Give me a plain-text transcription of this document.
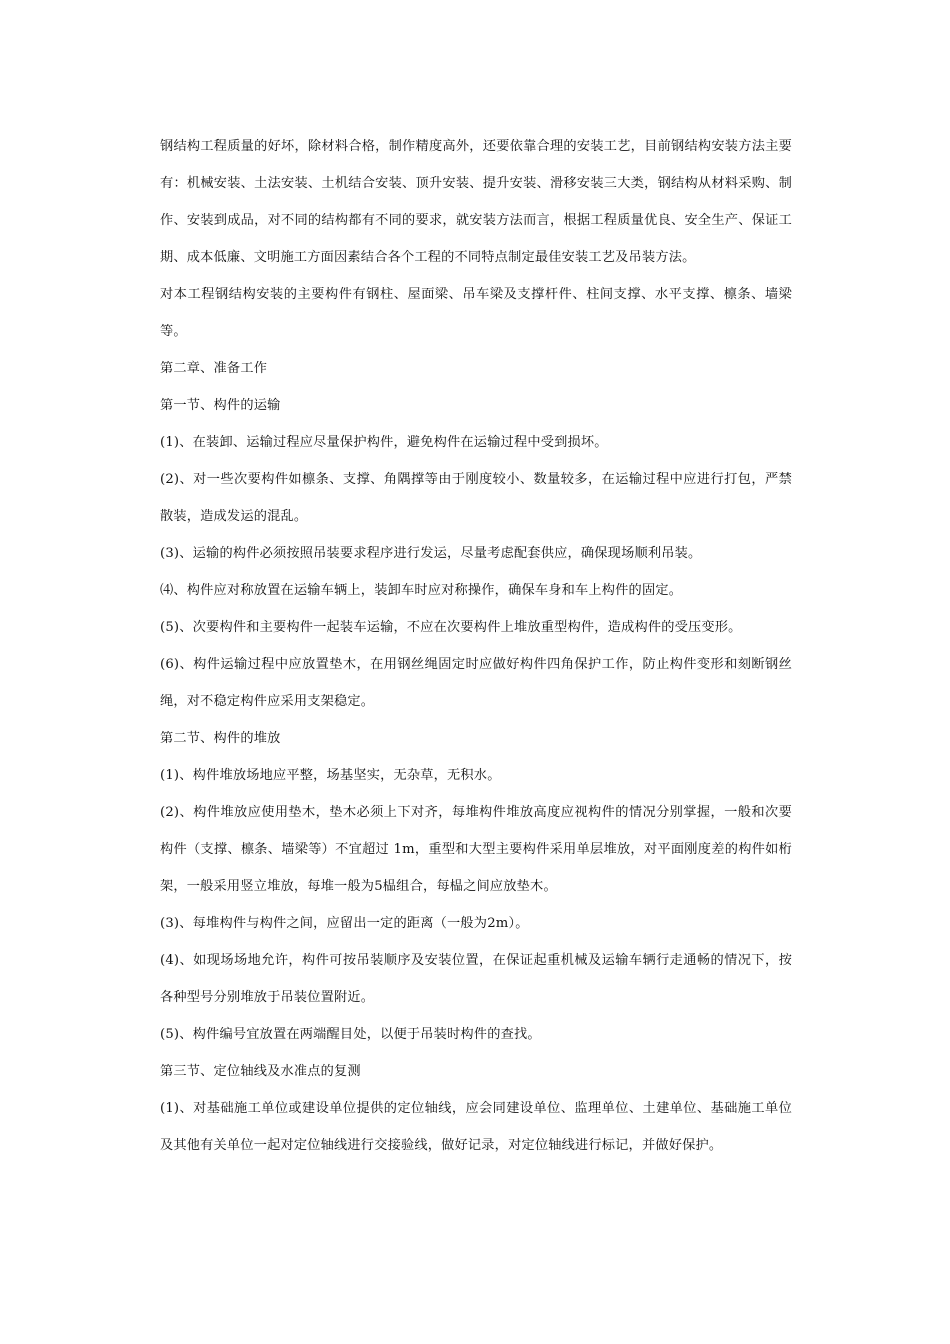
钢结构工程质量的好坏，除材料合格，制作精度高外，还要依靠合理的安装工艺，目前钢结构安装方法主要有：机械安装、土法安装、土机结合安装、顶升安装、提升安装、滑移安装三大类，钢结构从材料采购、制作、安装到成品，对不同的结构都有不同的要求，就安装方法而言，根据工程质量优良、安全生产、保证工期、成本低廉、文明施工方面因素结合各个工程的不同特点制定最佳安装工艺及吊装方法。

对本工程钢结构安装的主要构件有钢柱、屋面梁、吊车梁及支撑杆件、柱间支撑、水平支撑、檩条、墙梁等。

第二章、准备工作

第一节、构件的运输

(1)、在装卸、运输过程应尽量保护构件，避免构件在运输过程中受到损坏。

(2)、对一些次要构件如檩条、支撑、角隅撑等由于刚度较小、数量较多，在运输过程中应进行打包，严禁散装，造成发运的混乱。

(3)、运输的构件必须按照吊装要求程序进行发运，尽量考虑配套供应，确保现场顺利吊装。

⑷、构件应对称放置在运输车辆上，装卸车时应对称操作，确保车身和车上构件的固定。

(5)、次要构件和主要构件一起装车运输，不应在次要构件上堆放重型构件，造成构件的受压变形。

(6)、构件运输过程中应放置垫木，在用钢丝绳固定时应做好构件四角保护工作，防止构件变形和刻断钢丝绳，对不稳定构件应采用支架稳定。

第二节、构件的堆放

(1)、构件堆放场地应平整，场基坚实，无杂草，无积水。

(2)、构件堆放应使用垫木，垫木必须上下对齐，每堆构件堆放高度应视构件的情况分别掌握，一般和次要构件（支撑、檩条、墙梁等）不宜超过 1m，重型和大型主要构件采用单层堆放，对平面刚度差的构件如桁架，一般采用竖立堆放，每堆一般为5榀组合，每榀之间应放垫木。

(3)、每堆构件与构件之间，应留出一定的距离（一般为2m）。

(4)、如现场场地允许，构件可按吊装顺序及安装位置，在保证起重机械及运输车辆行走通畅的情况下，按各种型号分别堆放于吊装位置附近。

(5)、构件编号宜放置在两端醒目处，以便于吊装时构件的查找。

第三节、定位轴线及水准点的复测

(1)、对基础施工单位或建设单位提供的定位轴线，应会同建设单位、监理单位、土建单位、基础施工单位及其他有关单位一起对定位轴线进行交接验线，做好记录，对定位轴线进行标记，并做好保护。
